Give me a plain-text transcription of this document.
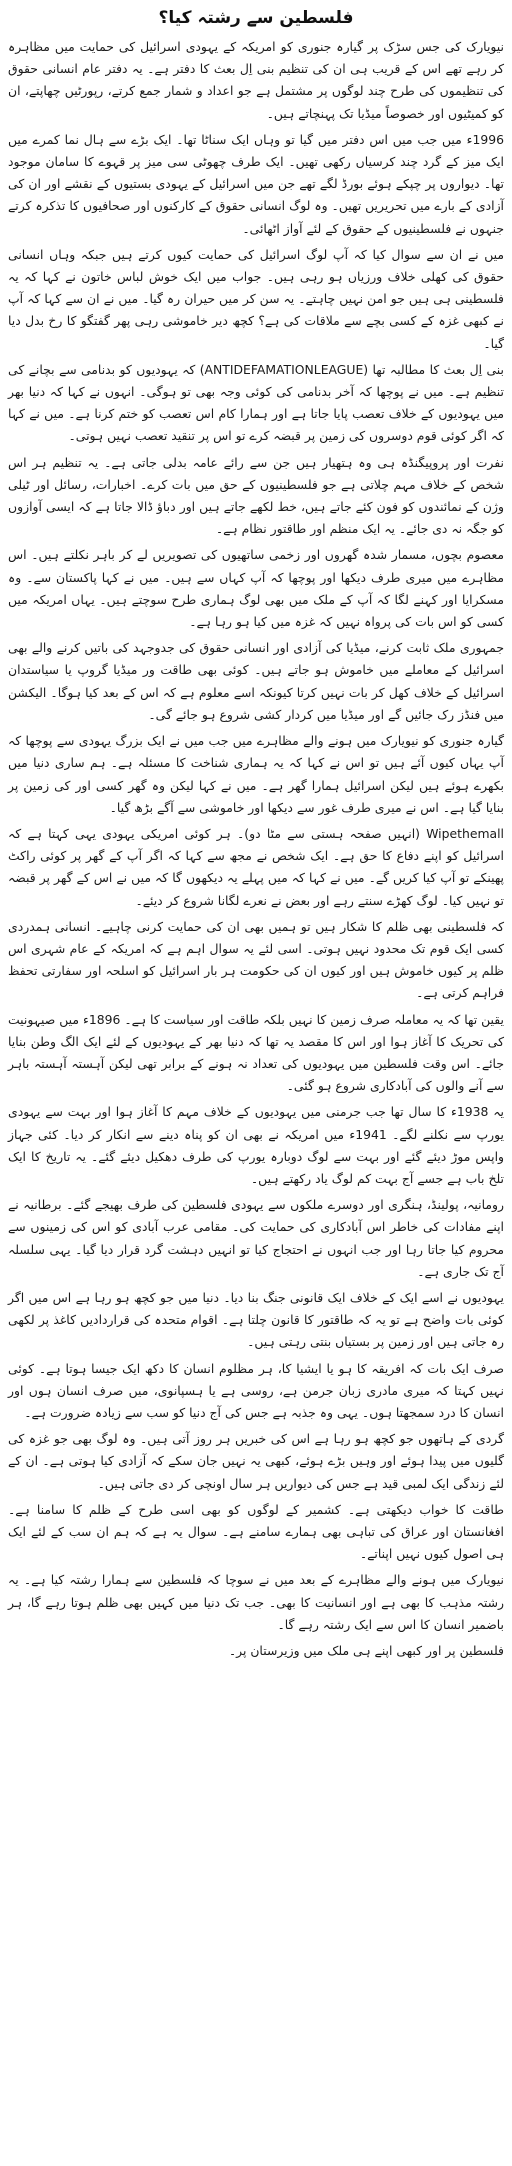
فلسطین سے رشتہ کیا؟

نیویارک کی جس سڑک پر گیارہ جنوری کو امریکہ کے یہودی اسرائیل کی حمایت میں مظاہرہ کر رہے تھے اس کے قریب ہی ان کی تنظیم بنی اِل بعث کا دفتر ہے۔ یہ دفتر عام انسانی حقوق کی تنظیموں کی طرح چند لوگوں پر مشتمل ہے جو اعداد و شمار جمع کرتے، رپورٹیں چھاپتے، ان کو کمیٹیوں اور خصوصاً میڈیا تک پہنچاتے ہیں۔

1996ء میں جب میں اس دفتر میں گیا تو وہاں ایک سناٹا تھا۔ ایک بڑے سے ہال نما کمرے میں ایک میز کے گرد چند کرسیاں رکھی تھیں۔ ایک طرف چھوٹی سی میز پر قہوے کا سامان موجود تھا۔ دیواروں پر چپکے ہوئے بورڈ لگے تھے جن میں اسرائیل کے یہودی بستیوں کے نقشے اور ان کی آزادی کے بارے میں تحریریں تھیں۔ وہ لوگ انسانی حقوق کے کارکنوں اور صحافیوں کا تذکرہ کرتے جنہوں نے فلسطینیوں کے حقوق کے لئے آواز اٹھائی۔

میں نے ان سے سوال کیا کہ آپ لوگ اسرائیل کی حمایت کیوں کرتے ہیں جبکہ وہاں انسانی حقوق کی کھلی خلاف ورزیاں ہو رہی ہیں۔ جواب میں ایک خوش لباس خاتون نے کہا کہ یہ فلسطینی ہی ہیں جو امن نہیں چاہتے۔ یہ سن کر میں حیران رہ گیا۔ میں نے ان سے کہا کہ آپ نے کبھی غزہ کے کسی بچے سے ملاقات کی ہے؟ کچھ دیر خاموشی رہی پھر گفتگو کا رخ بدل دیا گیا۔

بنی اِل بعث کا مطالبہ تھا (ANTIDEFAMATIONLEAGUE) کہ یہودیوں کو بدنامی سے بچانے کی تنظیم ہے۔ میں نے پوچھا کہ آخر بدنامی کی کوئی وجہ بھی تو ہوگی۔ انہوں نے کہا کہ دنیا بھر میں یہودیوں کے خلاف تعصب پایا جاتا ہے اور ہمارا کام اس تعصب کو ختم کرنا ہے۔ میں نے کہا کہ اگر کوئی قوم دوسروں کی زمین پر قبضہ کرے تو اس پر تنقید تعصب نہیں ہوتی۔

نفرت اور پروپیگنڈہ ہی وہ ہتھیار ہیں جن سے رائے عامہ بدلی جاتی ہے۔ یہ تنظیم ہر اس شخص کے خلاف مہم چلاتی ہے جو فلسطینیوں کے حق میں بات کرے۔ اخبارات، رسائل اور ٹیلی وژن کے نمائندوں کو فون کئے جاتے ہیں، خط لکھے جاتے ہیں اور دباؤ ڈالا جاتا ہے کہ ایسی آوازوں کو جگہ نہ دی جائے۔ یہ ایک منظم اور طاقتور نظام ہے۔

معصوم بچوں، مسمار شدہ گھروں اور زخمی ساتھیوں کی تصویریں لے کر باہر نکلتے ہیں۔ اس مظاہرے میں میری طرف دیکھا اور پوچھا کہ آپ کہاں سے ہیں۔ میں نے کہا پاکستان سے۔ وہ مسکرایا اور کہنے لگا کہ آپ کے ملک میں بھی لوگ ہماری طرح سوچتے ہیں۔ یہاں امریکہ میں کسی کو اس بات کی پرواہ نہیں کہ غزہ میں کیا ہو رہا ہے۔

جمہوری ملک ثابت کرنے، میڈیا کی آزادی اور انسانی حقوق کی جدوجہد کی باتیں کرنے والے بھی اسرائیل کے معاملے میں خاموش ہو جاتے ہیں۔ کوئی بھی طاقت ور میڈیا گروپ یا سیاستدان اسرائیل کے خلاف کھل کر بات نہیں کرتا کیونکہ اسے معلوم ہے کہ اس کے بعد کیا ہوگا۔ الیکشن میں فنڈز رک جائیں گے اور میڈیا میں کردار کشی شروع ہو جائے گی۔

گیارہ جنوری کو نیویارک میں ہونے والے مظاہرے میں جب میں نے ایک بزرگ یہودی سے پوچھا کہ آپ یہاں کیوں آئے ہیں تو اس نے کہا کہ یہ ہماری شناخت کا مسئلہ ہے۔ ہم ساری دنیا میں بکھرے ہوئے ہیں لیکن اسرائیل ہمارا گھر ہے۔ میں نے کہا لیکن وہ گھر کسی اور کی زمین پر بنایا گیا ہے۔ اس نے میری طرف غور سے دیکھا اور خاموشی سے آگے بڑھ گیا۔

Wipethemall (انہیں صفحہ ہستی سے مٹا دو)۔ ہر کوئی امریکی یہودی یہی کہتا ہے کہ اسرائیل کو اپنے دفاع کا حق ہے۔ ایک شخص نے مجھ سے کہا کہ اگر آپ کے گھر پر کوئی راکٹ پھینکے تو آپ کیا کریں گے۔ میں نے کہا کہ میں پہلے یہ دیکھوں گا کہ میں نے اس کے گھر پر قبضہ تو نہیں کیا۔ لوگ کھڑے سنتے رہے اور بعض نے نعرے لگانا شروع کر دیئے۔

کہ فلسطینی بھی ظلم کا شکار ہیں تو ہمیں بھی ان کی حمایت کرنی چاہیے۔ انسانی ہمدردی کسی ایک قوم تک محدود نہیں ہوتی۔ اسی لئے یہ سوال اہم ہے کہ امریکہ کے عام شہری اس ظلم پر کیوں خاموش ہیں اور کیوں ان کی حکومت ہر بار اسرائیل کو اسلحہ اور سفارتی تحفظ فراہم کرتی ہے۔

یقین تھا کہ یہ معاملہ صرف زمین کا نہیں بلکہ طاقت اور سیاست کا ہے۔ 1896ء میں صیہونیت کی تحریک کا آغاز ہوا اور اس کا مقصد یہ تھا کہ دنیا بھر کے یہودیوں کے لئے ایک الگ وطن بنایا جائے۔ اس وقت فلسطین میں یہودیوں کی تعداد نہ ہونے کے برابر تھی لیکن آہستہ آہستہ باہر سے آنے والوں کی آبادکاری شروع ہو گئی۔

یہ 1938ء کا سال تھا جب جرمنی میں یہودیوں کے خلاف مہم کا آغاز ہوا اور بہت سے یہودی یورپ سے نکلنے لگے۔ 1941ء میں امریکہ نے بھی ان کو پناہ دینے سے انکار کر دیا۔ کئی جہاز واپس موڑ دیئے گئے اور بہت سے لوگ دوبارہ یورپ کی طرف دھکیل دیئے گئے۔ یہ تاریخ کا ایک تلخ باب ہے جسے آج بہت کم لوگ یاد رکھتے ہیں۔

رومانیہ، پولینڈ، ہنگری اور دوسرے ملکوں سے یہودی فلسطین کی طرف بھیجے گئے۔ برطانیہ نے اپنے مفادات کی خاطر اس آبادکاری کی حمایت کی۔ مقامی عرب آبادی کو اس کی زمینوں سے محروم کیا جاتا رہا اور جب انہوں نے احتجاج کیا تو انہیں دہشت گرد قرار دیا گیا۔ یہی سلسلہ آج تک جاری ہے۔

یہودیوں نے اسے ایک کے خلاف ایک قانونی جنگ بنا دیا۔ دنیا میں جو کچھ ہو رہا ہے اس میں اگر کوئی بات واضح ہے تو یہ کہ طاقتور کا قانون چلتا ہے۔ اقوام متحدہ کی قراردادیں کاغذ پر لکھی رہ جاتی ہیں اور زمین پر بستیاں بنتی رہتی ہیں۔

صرف ایک بات کہ افریقہ کا ہو یا ایشیا کا، ہر مظلوم انسان کا دکھ ایک جیسا ہوتا ہے۔ کوئی نہیں کہتا کہ میری مادری زبان جرمن ہے، روسی ہے یا ہسپانوی، میں صرف انسان ہوں اور انسان کا درد سمجھتا ہوں۔ یہی وہ جذبہ ہے جس کی آج دنیا کو سب سے زیادہ ضرورت ہے۔

گردی کے ہاتھوں جو کچھ ہو رہا ہے اس کی خبریں ہر روز آتی ہیں۔ وہ لوگ بھی جو غزہ کی گلیوں میں پیدا ہوئے اور وہیں بڑے ہوئے، کبھی یہ نہیں جان سکے کہ آزادی کیا ہوتی ہے۔ ان کے لئے زندگی ایک لمبی قید ہے جس کی دیواریں ہر سال اونچی کر دی جاتی ہیں۔

طاقت کا خواب دیکھتی ہے۔ کشمیر کے لوگوں کو بھی اسی طرح کے ظلم کا سامنا ہے۔ افغانستان اور عراق کی تباہی بھی ہمارے سامنے ہے۔ سوال یہ ہے کہ ہم ان سب کے لئے ایک ہی اصول کیوں نہیں اپناتے۔

نیویارک میں ہونے والے مظاہرے کے بعد میں نے سوچا کہ فلسطین سے ہمارا رشتہ کیا ہے۔ یہ رشتہ مذہب کا بھی ہے اور انسانیت کا بھی۔ جب تک دنیا میں کہیں بھی ظلم ہوتا رہے گا، ہر باضمیر انسان کا اس سے ایک رشتہ رہے گا۔

فلسطین پر اور کبھی اپنے ہی ملک میں وزیرستان پر۔
